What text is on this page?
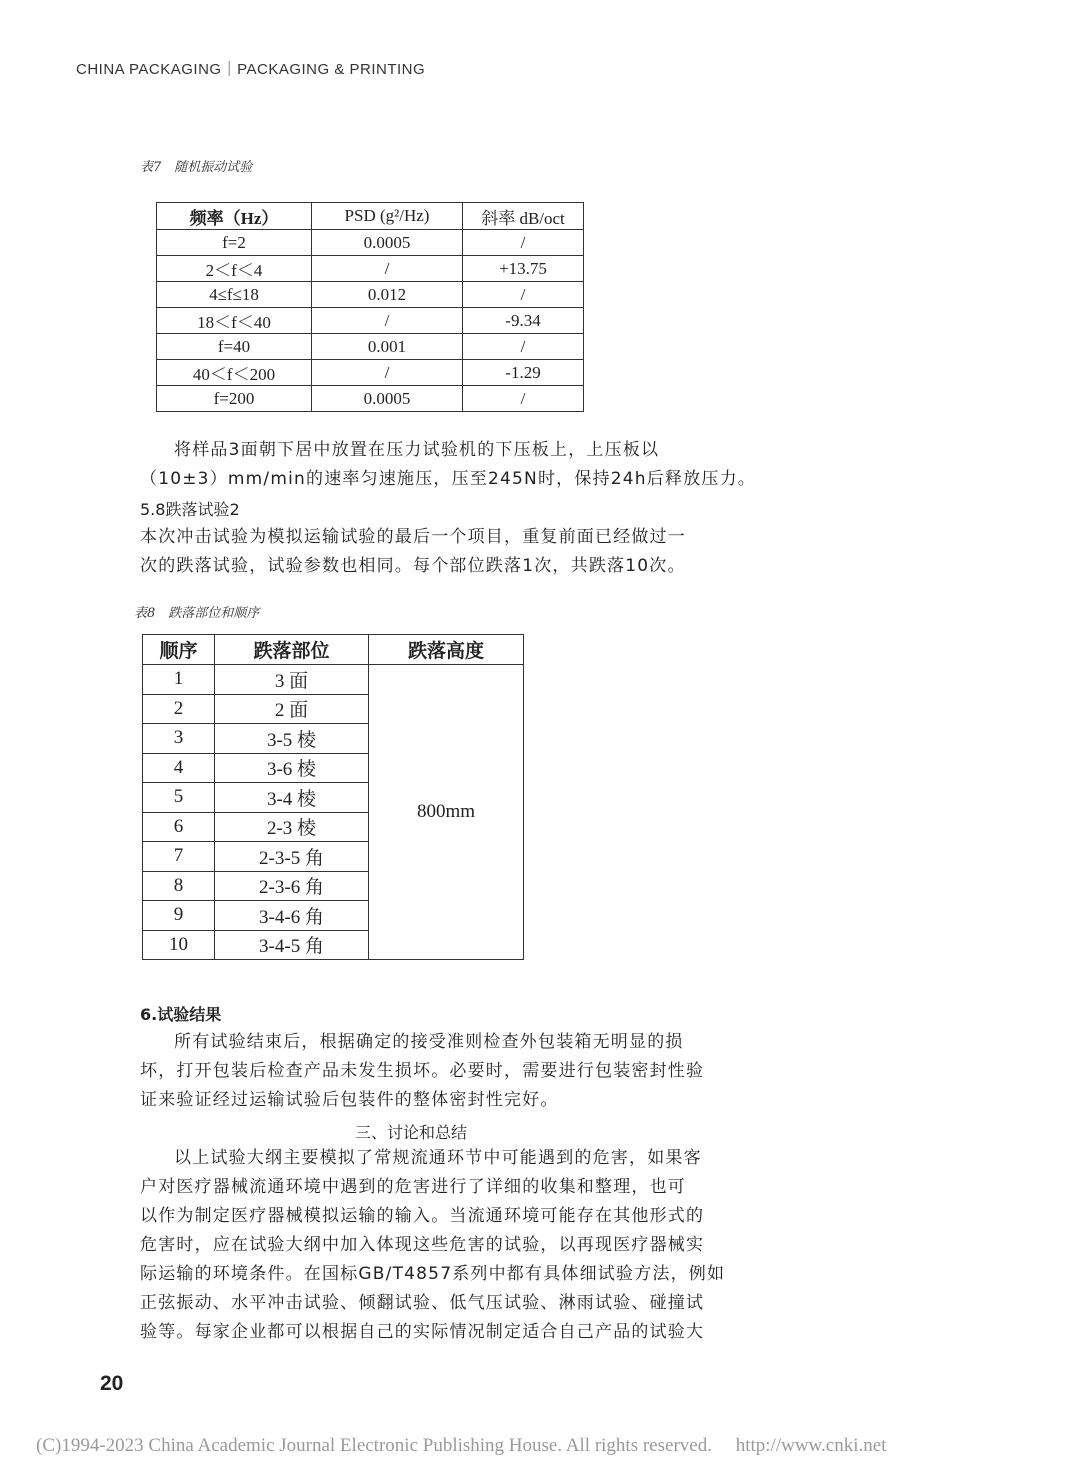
CHINA PACKAGING｜PACKAGING & PRINTING
表7　随机振动试验
频率（Hz）	PSD (g²/Hz)	斜率 dB/oct
f=2	0.0005	/
2＜f＜4	/	+13.75
4≤f≤18	0.012	/
18＜f＜40	/	-9.34
f=40	0.001	/
40＜f＜200	/	-1.29
f=200	0.0005	/
将样品3面朝下居中放置在压力试验机的下压板上，上压板以
（10±3）mm/min的速率匀速施压，压至245N时，保持24h后释放压力。
5.8跌落试验2
本次冲击试验为模拟运输试验的最后一个项目，重复前面已经做过一
次的跌落试验，试验参数也相同。每个部位跌落1次，共跌落10次。
表8　跌落部位和顺序
顺序	跌落部位	跌落高度
1	3 面	800mm
2	2 面	
3	3-5 棱	
4	3-6 棱	
5	3-4 棱	
6	2-3 棱	
7	2-3-5 角	
8	2-3-6 角	
9	3-4-6 角	
10	3-4-5 角	
6.试验结果
所有试验结束后，根据确定的接受准则检查外包装箱无明显的损
坏，打开包装后检查产品未发生损坏。必要时，需要进行包装密封性验
证来验证经过运输试验后包装件的整体密封性完好。
三、讨论和总结
以上试验大纲主要模拟了常规流通环节中可能遇到的危害，如果客
户对医疗器械流通环境中遇到的危害进行了详细的收集和整理，也可
以作为制定医疗器械模拟运输的输入。当流通环境可能存在其他形式的
危害时，应在试验大纲中加入体现这些危害的试验，以再现医疗器械实
际运输的环境条件。在国标GB/T4857系列中都有具体细试验方法，例如
正弦振动、水平冲击试验、倾翻试验、低气压试验、淋雨试验、碰撞试
验等。每家企业都可以根据自己的实际情况制定适合自己产品的试验大
20
(C)1994-2023 China Academic Journal Electronic Publishing House. All rights reserved.　 http://www.cnki.net
